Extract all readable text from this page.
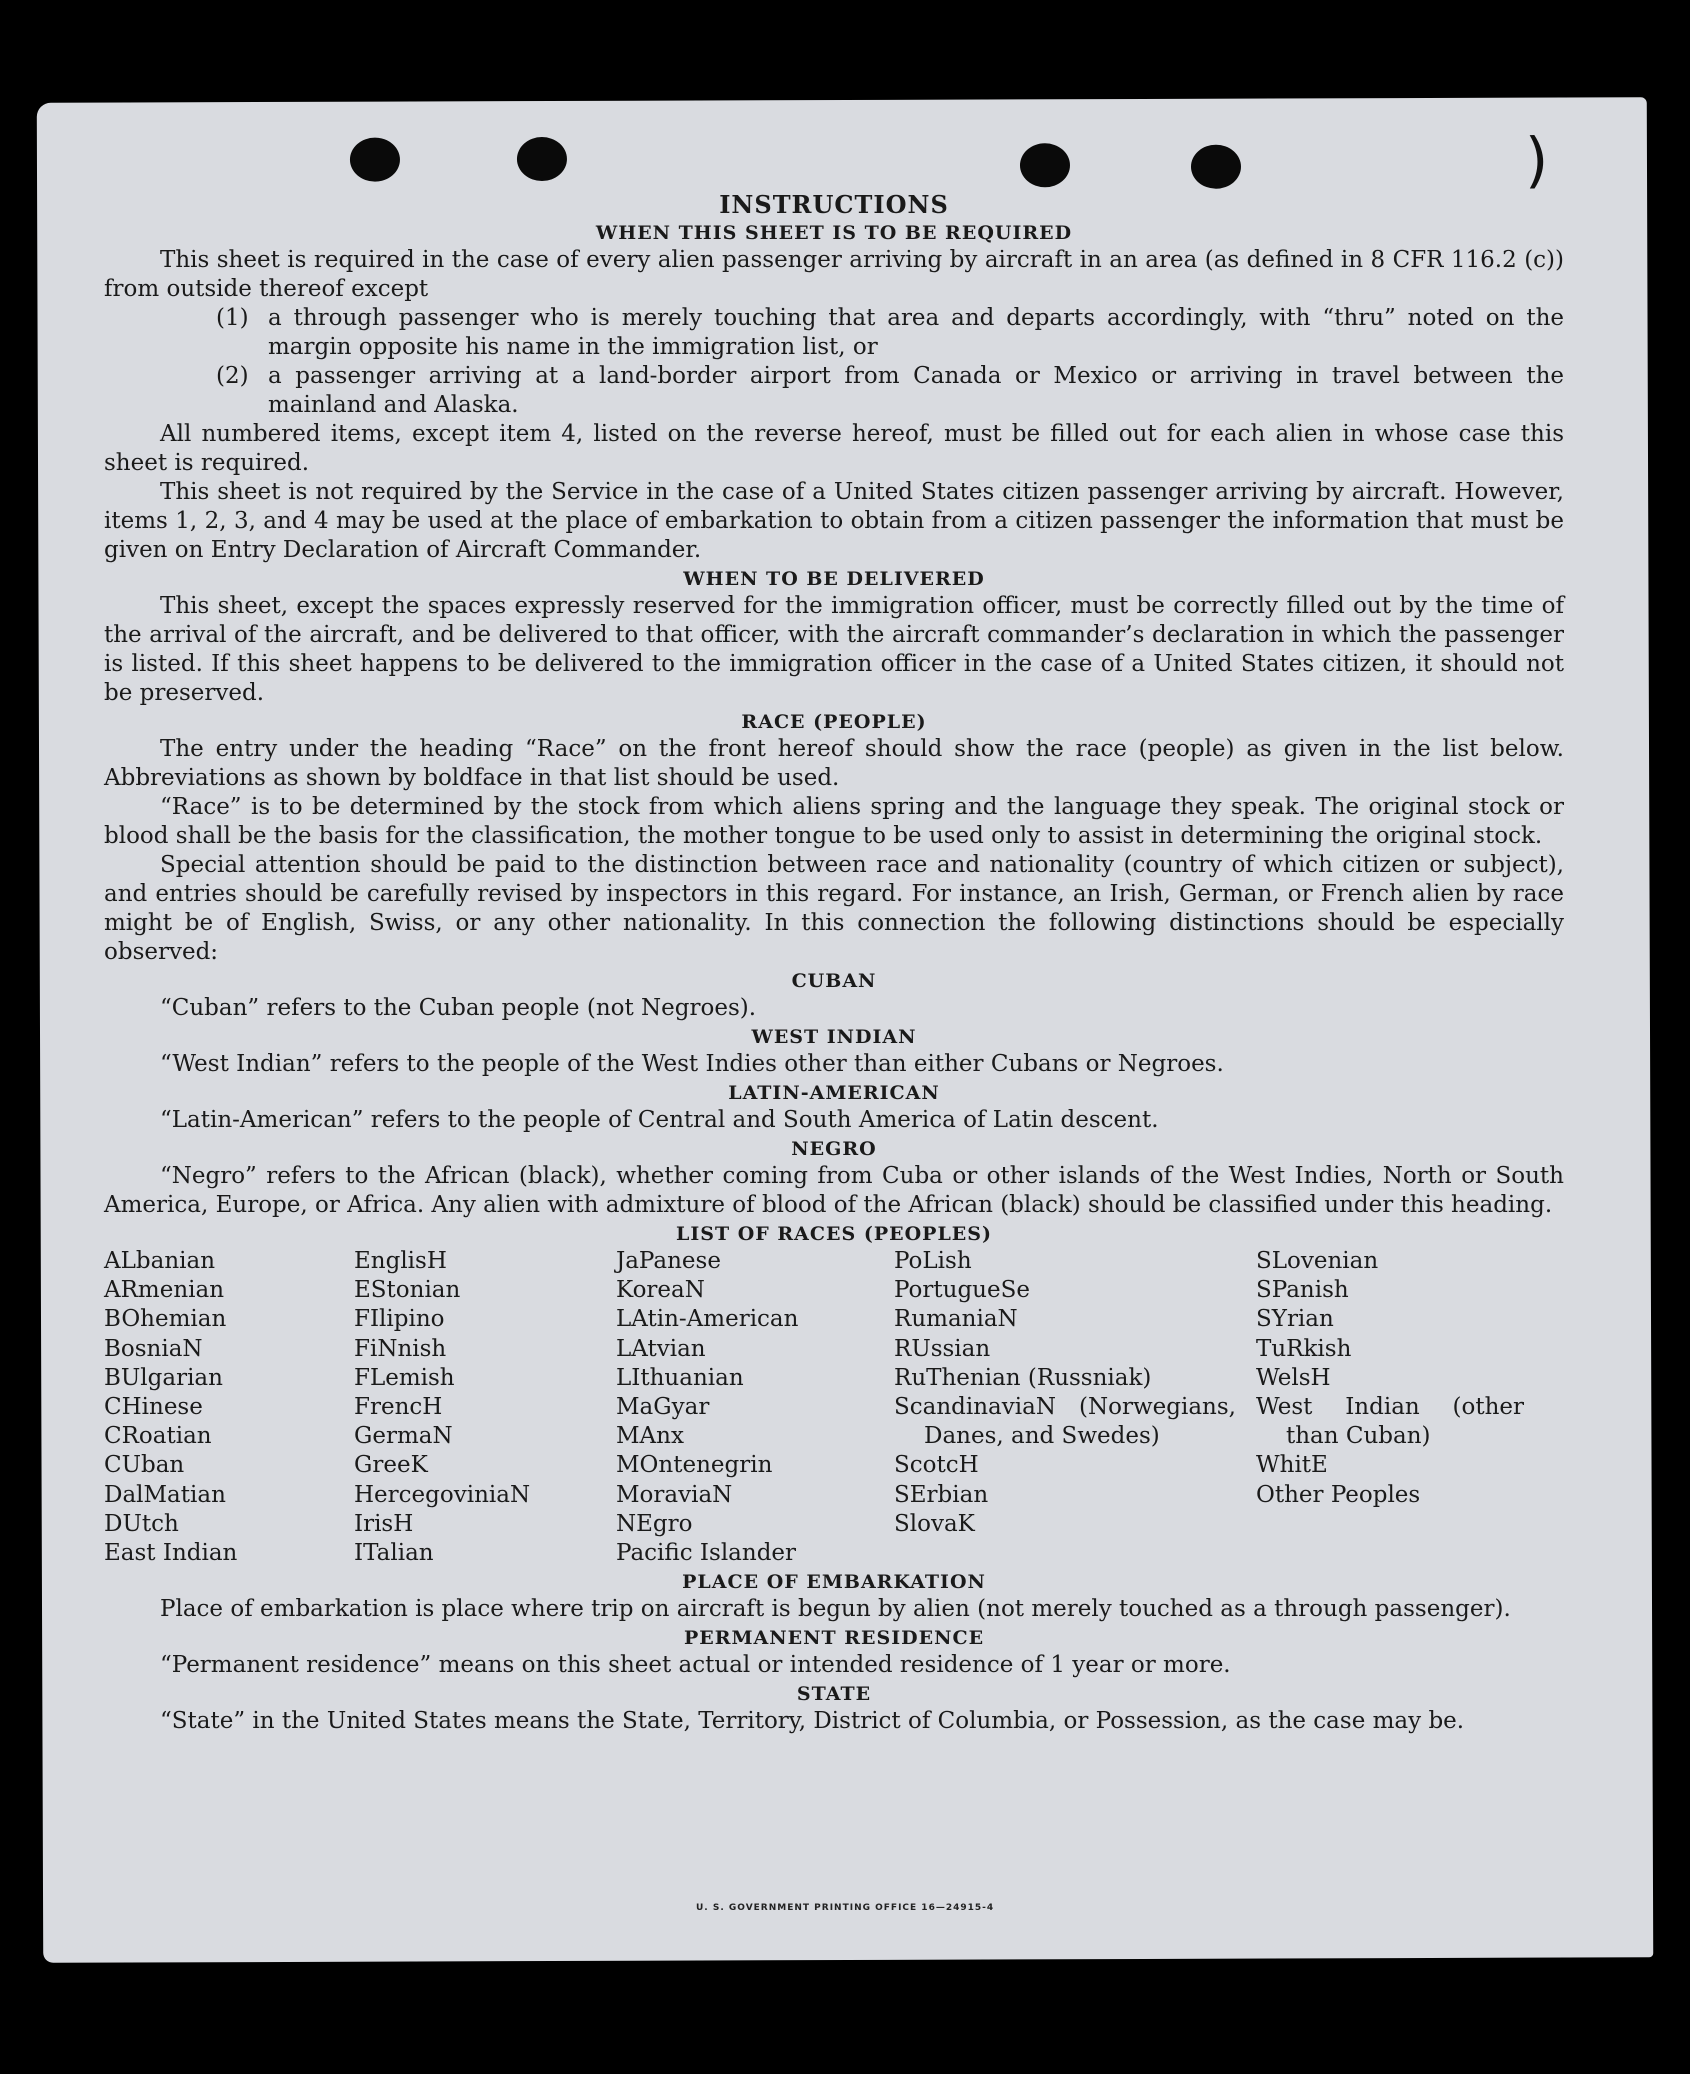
)
INSTRUCTIONS
WHEN THIS SHEET IS TO BE REQUIRED

This sheet is required in the case of every alien passenger arriving by aircraft in an area (as defined in 8 CFR 116.2 (c)) from outside thereof except

(1) a through passenger who is merely touching that area and departs accordingly, with “thru” noted on the margin opposite his name in the immigration list, or
(2) a passenger arriving at a land-border airport from Canada or Mexico or arriving in travel between the mainland and Alaska.

All numbered items, except item 4, listed on the reverse hereof, must be filled out for each alien in whose case this sheet is required.

This sheet is not required by the Service in the case of a United States citizen passenger arriving by aircraft. However, items 1, 2, 3, and 4 may be used at the place of embarkation to obtain from a citizen passenger the information that must be given on Entry Declaration of Aircraft Commander.

WHEN TO BE DELIVERED

This sheet, except the spaces expressly reserved for the immigration officer, must be correctly filled out by the time of the arrival of the aircraft, and be delivered to that officer, with the aircraft commander’s declaration in which the passenger is listed. If this sheet happens to be delivered to the immigration officer in the case of a United States citizen, it should not be preserved.

RACE (PEOPLE)

The entry under the heading “Race” on the front hereof should show the race (people) as given in the list below. Abbreviations as shown by boldface in that list should be used.

“Race” is to be determined by the stock from which aliens spring and the language they speak. The original stock or blood shall be the basis for the classification, the mother tongue to be used only to assist in determining the original stock.

Special attention should be paid to the distinction between race and nationality (country of which citizen or subject), and entries should be carefully revised by inspectors in this regard. For instance, an Irish, German, or French alien by race might be of English, Swiss, or any other nationality. In this connection the following distinctions should be especially observed:

CUBAN

“Cuban” refers to the Cuban people (not Negroes).

WEST INDIAN

“West Indian” refers to the people of the West Indies other than either Cubans or Negroes.

LATIN-AMERICAN

“Latin-American” refers to the people of Central and South America of Latin descent.

NEGRO

“Negro” refers to the African (black), whether coming from Cuba or other islands of the West Indies, North or South America, Europe, or Africa. Any alien with admixture of blood of the African (black) should be classified under this heading.

LIST OF RACES (PEOPLES)
ALbanian
ARmenian
BOhemian
BosniaN
BUlgarian
CHinese
CRoatian
CUban
DalMatian
DUtch
East Indian
EnglisH
EStonian
FIlipino
FiNnish
FLemish
FrencH
GermaN
GreeK
HercegoviniaN
IrisH
ITalian
JaPanese
KoreaN
LAtin-American
LAtvian
LIthuanian
MaGyar
MAnx
MOntenegrin
MoraviaN
NEgro
Pacific Islander
PoLish
PortugueSe
RumaniaN
RUssian
RuThenian (Russniak)
ScandinaviaN (Norwegians, Danes, and Swedes)
ScotcH
SErbian
SlovaK
SLovenian
SPanish
SYrian
TuRkish
WelsH
West Indian (other than Cuban)
WhitE
Other Peoples
PLACE OF EMBARKATION

Place of embarkation is place where trip on aircraft is begun by alien (not merely touched as a through passenger).

PERMANENT RESIDENCE

“Permanent residence” means on this sheet actual or intended residence of 1 year or more.

STATE

“State” in the United States means the State, Territory, District of Columbia, or Possession, as the case may be.

U. S. GOVERNMENT PRINTING OFFICE 16—24915-4
